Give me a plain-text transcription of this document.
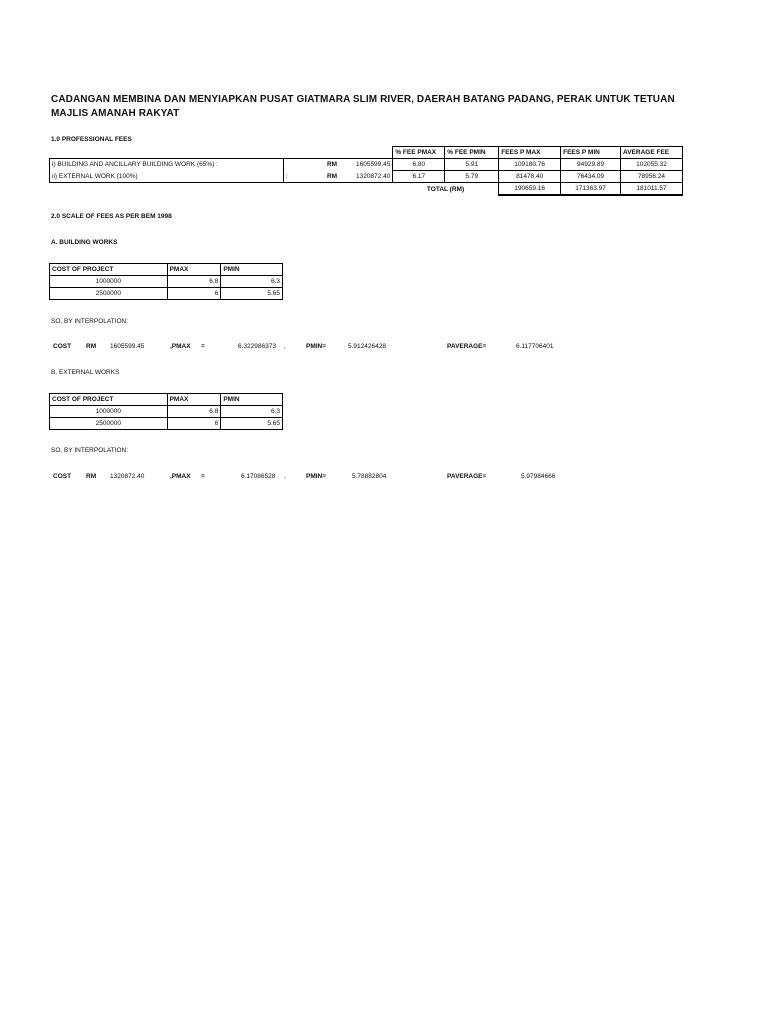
CADANGAN MEMBINA DAN MENYIAPKAN PUSAT GIATMARA SLIM RIVER, DAERAH BATANG PADANG, PERAK UNTUK TETUAN
MAJLIS AMANAH RAKYAT
1.0 PROFESSIONAL FEES
				% FEE PMAX	% FEE PMIN	FEES P MAX	FEES P MIN	AVERAGE FEE
i) BUILDING AND ANCILLARY BUILDING WORK (65%) :		RM	1605599.45	6.80	5.91	109180.76	94929.89	102055.32
ii) EXTERNAL WORK (100%)	:	RM	1320872.40	6.17	5.79	81478.40	76434.09	78956.24
				TOTAL (RM)		190659.16	171363.97	181011.57
2.0 SCALE OF FEES AS PER BEM 1998
A. BUILDING WORKS
COST OF PROJECT	PMAX	PMIN
1000000	6.8	6.3
2500000	6	5.65
SO, BY INTERPOLATION:
COST RM 1605599.45	,PMAX =	6.322986373 ,	PMIN=	5.912426428	PAVERAGE=	6.117706401
B. EXTERNAL WORKS
COST OF PROJECT	PMAX	PMIN
1000000	6.8	6.3
2500000	6	5.65
SO, BY INTERPOLATION:
COST RM 1320872.40	,PMAX =	6.17086528 ,	PMIN=	5.78882804	PAVERAGE=	5.97984666
